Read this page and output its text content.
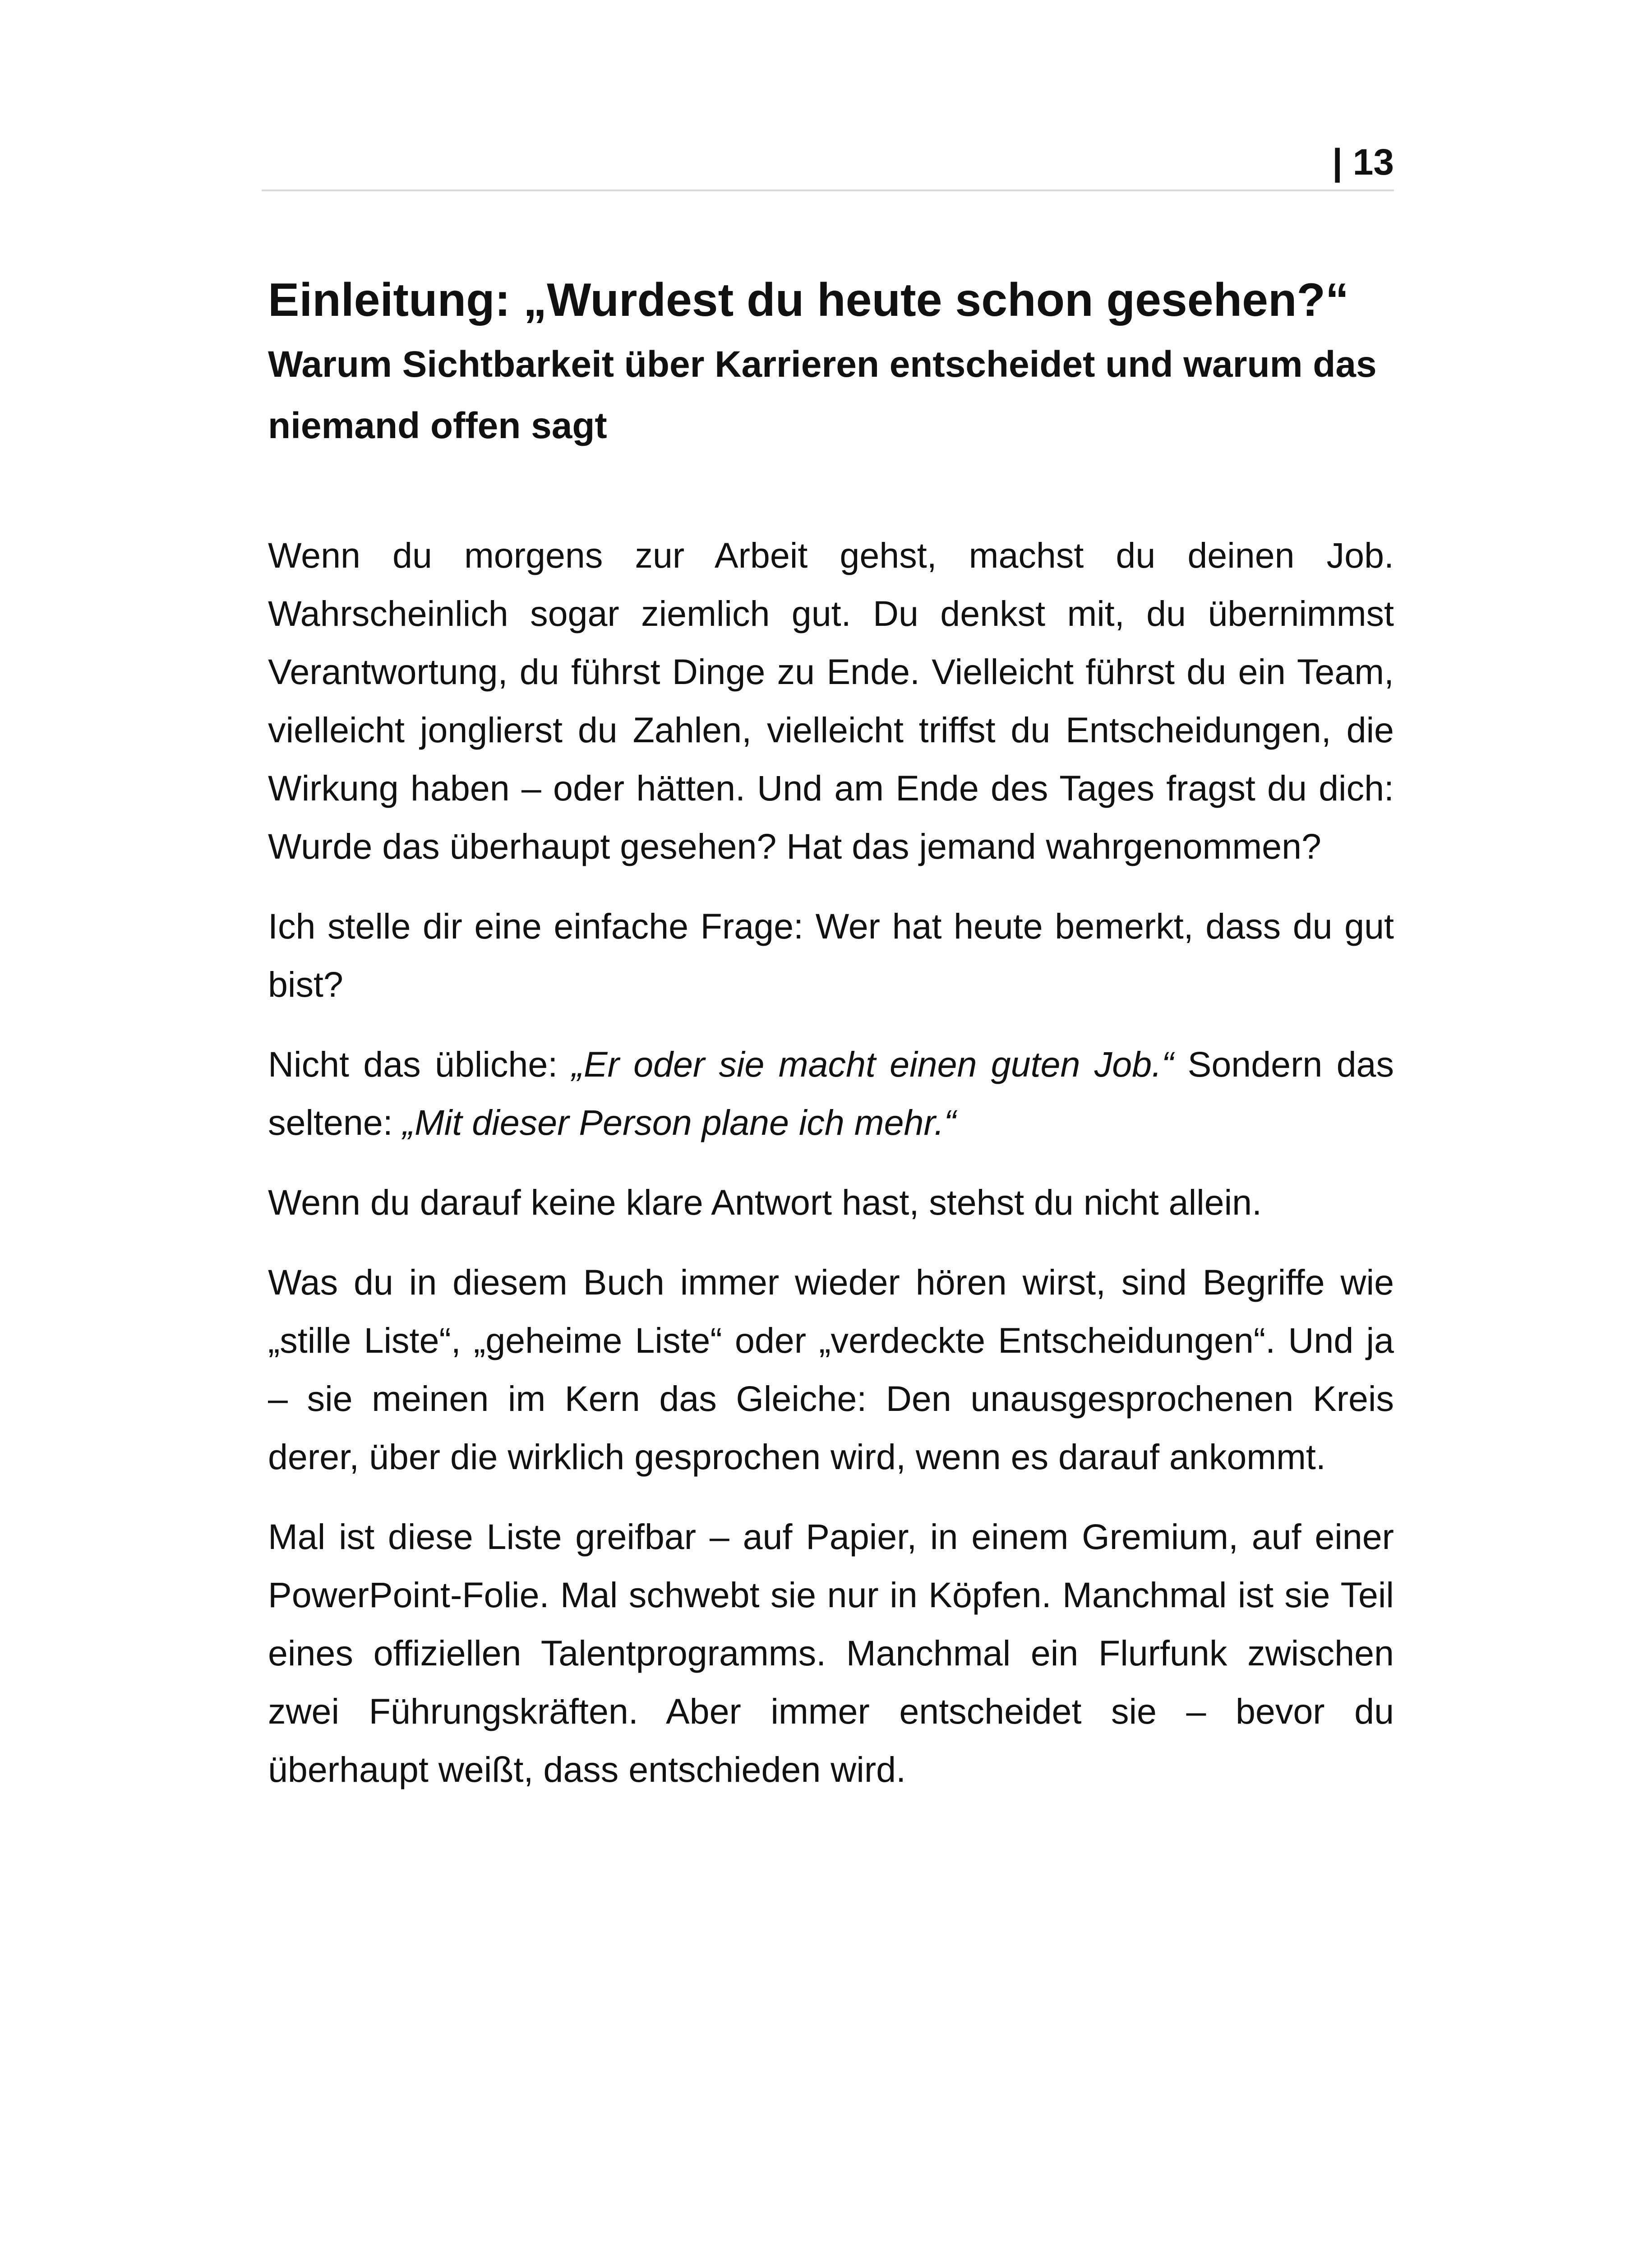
| 13
Einleitung: „Wurdest du heute schon gesehen?“
Warum Sichtbarkeit über Karrieren entscheidet und warum das niemand offen sagt

Wenn du morgens zur Arbeit gehst, machst du deinen Job. Wahrscheinlich sogar ziemlich gut. Du denkst mit, du übernimmst Verantwortung, du führst Dinge zu Ende. Vielleicht führst du ein Team, vielleicht jonglierst du Zahlen, vielleicht triffst du Entscheidungen, die Wirkung haben – oder hätten. Und am Ende des Tages fragst du dich: Wurde das überhaupt gesehen? Hat das jemand wahrgenommen?

Ich stelle dir eine einfache Frage: Wer hat heute bemerkt, dass du gut bist?

Nicht das übliche: „Er oder sie macht einen guten Job.“ Sondern das seltene: „Mit dieser Person plane ich mehr.“

Wenn du darauf keine klare Antwort hast, stehst du nicht allein.

Was du in diesem Buch immer wieder hören wirst, sind Begriffe wie „stille Liste“, „geheime Liste“ oder „verdeckte Entscheidungen“. Und ja – sie meinen im Kern das Gleiche: Den unausgesprochenen Kreis derer, über die wirklich gesprochen wird, wenn es darauf ankommt.

Mal ist diese Liste greifbar – auf Papier, in einem Gremium, auf einer PowerPoint-Folie. Mal schwebt sie nur in Köpfen. Manchmal ist sie Teil eines offiziellen Talentprogramms. Manchmal ein Flurfunk zwischen zwei Führungskräften. Aber immer entscheidet sie – bevor du überhaupt weißt, dass entschieden wird.
